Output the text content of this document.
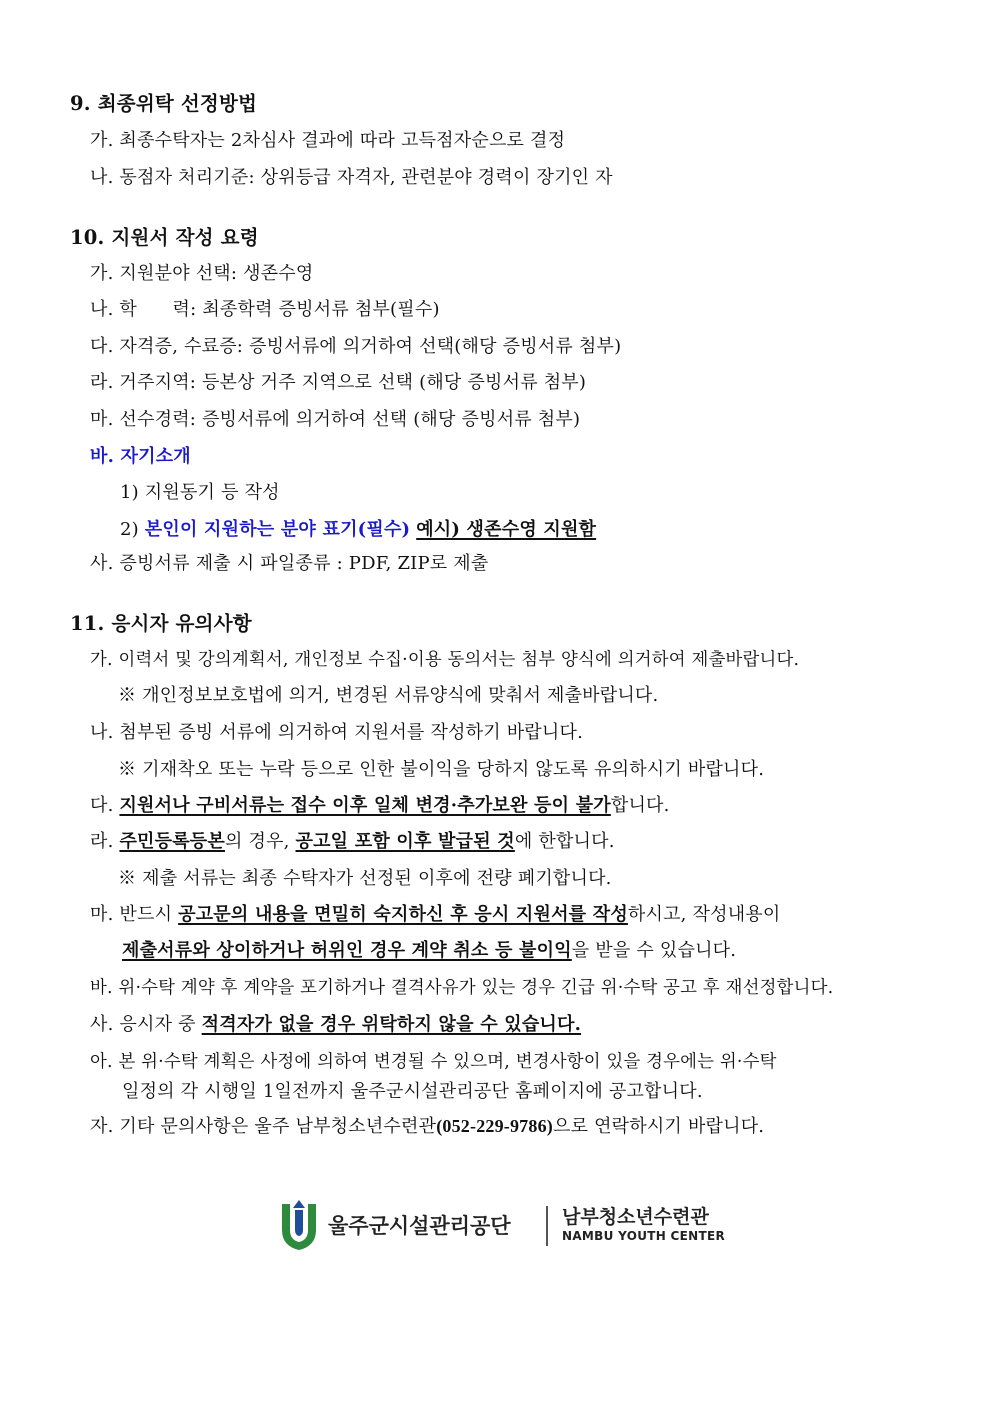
9. 최종위탁 선정방법
가. 최종수탁자는 2차심사 결과에 따라 고득점자순으로 결정
나. 동점자 처리기준: 상위등급 자격자, 관련분야 경력이 장기인 자
10. 지원서 작성 요령
가. 지원분야 선택: 생존수영
나. 학      력: 최종학력 증빙서류 첨부(필수)
다. 자격증, 수료증: 증빙서류에 의거하여 선택(해당 증빙서류 첨부)
라. 거주지역: 등본상 거주 지역으로 선택 (해당 증빙서류 첨부)
마. 선수경력: 증빙서류에 의거하여 선택 (해당 증빙서류 첨부)
바. 자기소개
1) 지원동기 등 작성
2) 본인이 지원하는 분야 표기(필수) 예시) 생존수영 지원함
사. 증빙서류 제출 시 파일종류 : PDF, ZIP로 제출
11. 응시자 유의사항
가. 이력서 및 강의계획서, 개인정보 수집·이용 동의서는 첨부 양식에 의거하여 제출바랍니다.
※ 개인정보보호법에 의거, 변경된 서류양식에 맞춰서 제출바랍니다.
나. 첨부된 증빙 서류에 의거하여 지원서를 작성하기 바랍니다.
※ 기재착오 또는 누락 등으로 인한 불이익을 당하지 않도록 유의하시기 바랍니다.
다. 지원서나 구비서류는 접수 이후 일체 변경·추가보완 등이 불가합니다.
라. 주민등록등본의 경우, 공고일 포함 이후 발급된 것에 한합니다.
※ 제출 서류는 최종 수탁자가 선정된 이후에 전량 폐기합니다.
마. 반드시 공고문의 내용을 면밀히 숙지하신 후 응시 지원서를 작성하시고, 작성내용이
제출서류와 상이하거나 허위인 경우 계약 취소 등 불이익을 받을 수 있습니다.
바. 위·수탁 계약 후 계약을 포기하거나 결격사유가 있는 경우 긴급 위·수탁 공고 후 재선정합니다.
사. 응시자 중 적격자가 없을 경우 위탁하지 않을 수 있습니다.
아. 본 위·수탁 계획은 사정에 의하여 변경될 수 있으며, 변경사항이 있을 경우에는 위·수탁
일정의 각 시행일 1일전까지 울주군시설관리공단 홈페이지에 공고합니다.
자. 기타 문의사항은 울주 남부청소년수련관(052-229-9786)으로 연락하시기 바랍니다.
울주군시설관리공단	남부청소년수련관
NAMBU YOUTH CENTER
